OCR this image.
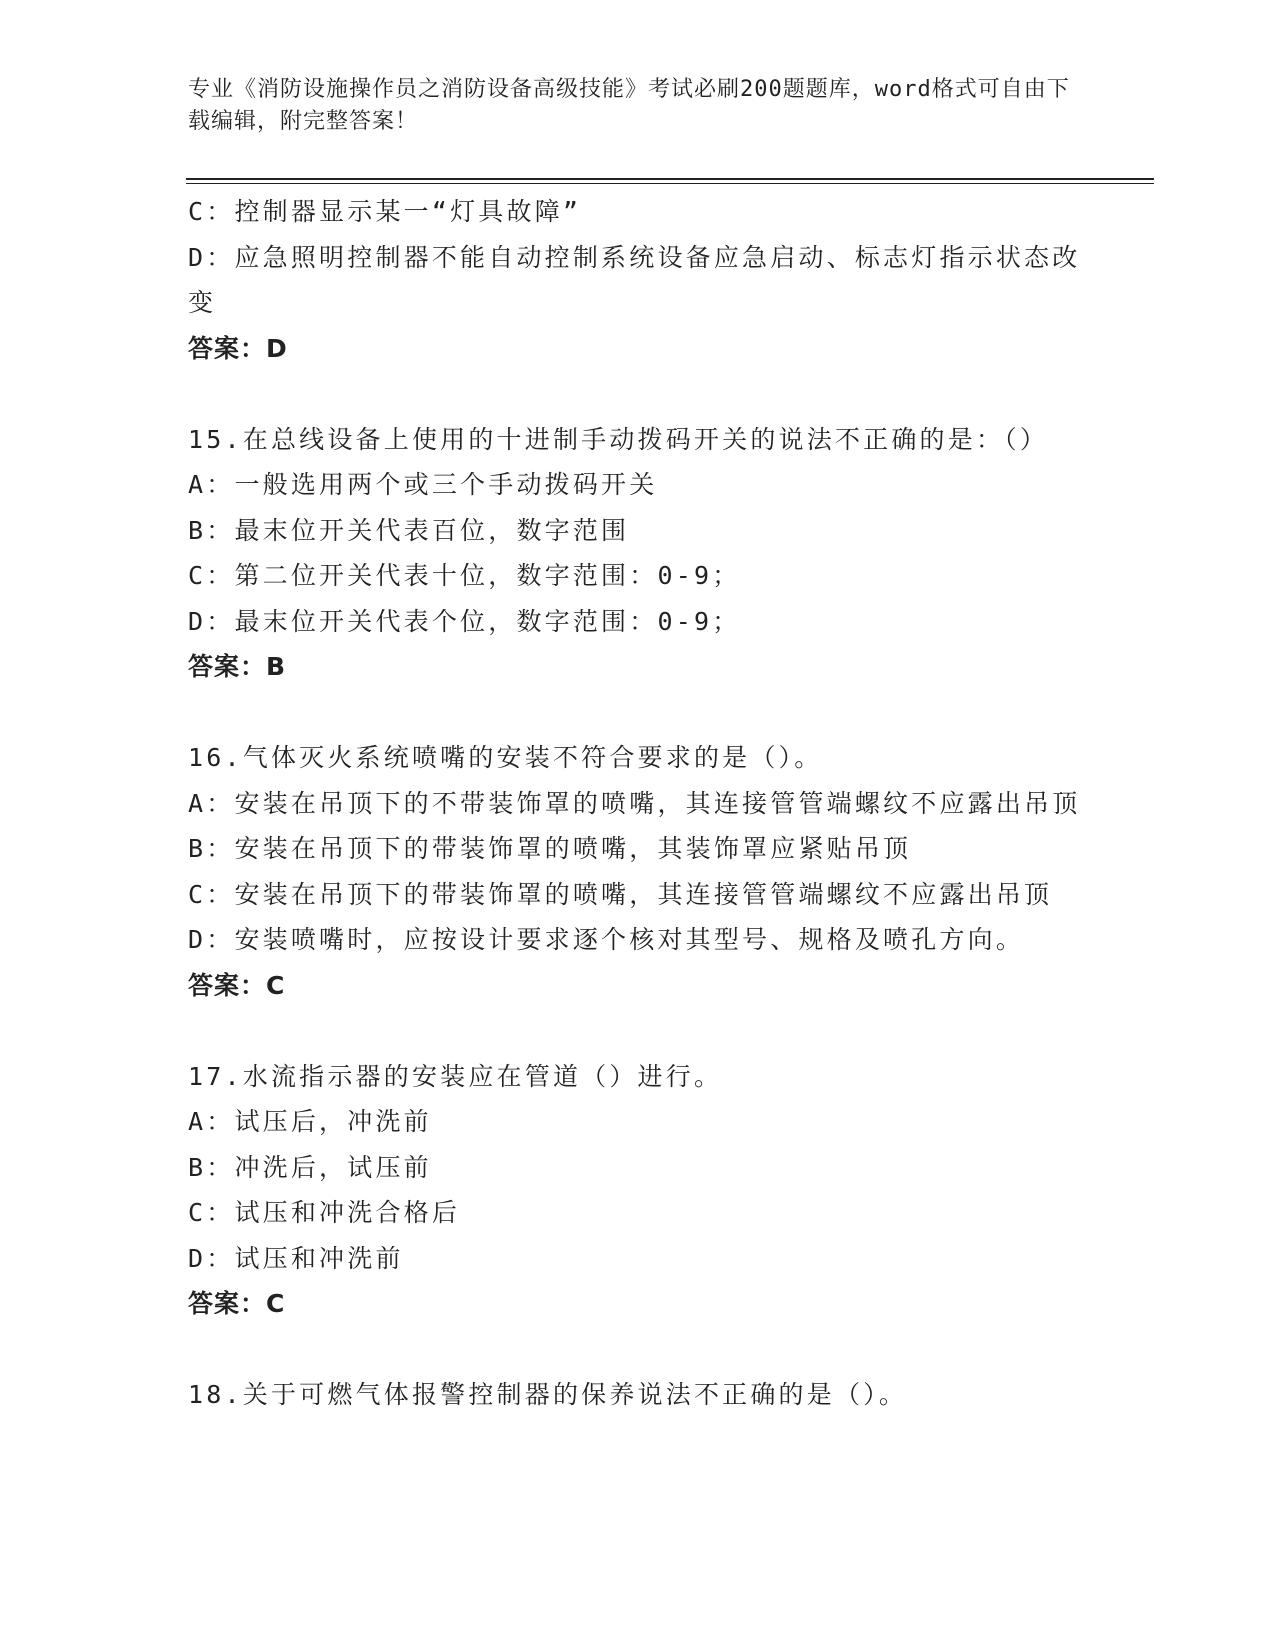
专业《消防设施操作员之消防设备高级技能》考试必刷200题题库，word格式可自由下载编辑，附完整答案！
C：控制器显示某一“灯具故障”
D：应急照明控制器不能自动控制系统设备应急启动、标志灯指示状态改变
答案：D
15.在总线设备上使用的十进制手动拨码开关的说法不正确的是：（）
A：一般选用两个或三个手动拨码开关
B：最末位开关代表百位，数字范围
C：第二位开关代表十位，数字范围：0-9；
D：最末位开关代表个位，数字范围：0-9；
答案：B
16.气体灭火系统喷嘴的安装不符合要求的是（）。
A：安装在吊顶下的不带装饰罩的喷嘴，其连接管管端螺纹不应露出吊顶
B：安装在吊顶下的带装饰罩的喷嘴，其装饰罩应紧贴吊顶
C：安装在吊顶下的带装饰罩的喷嘴，其连接管管端螺纹不应露出吊顶
D：安装喷嘴时，应按设计要求逐个核对其型号、规格及喷孔方向。
答案：C
17.水流指示器的安装应在管道（）进行。
A：试压后，冲洗前
B：冲洗后，试压前
C：试压和冲洗合格后
D：试压和冲洗前
答案：C
18.关于可燃气体报警控制器的保养说法不正确的是（）。
